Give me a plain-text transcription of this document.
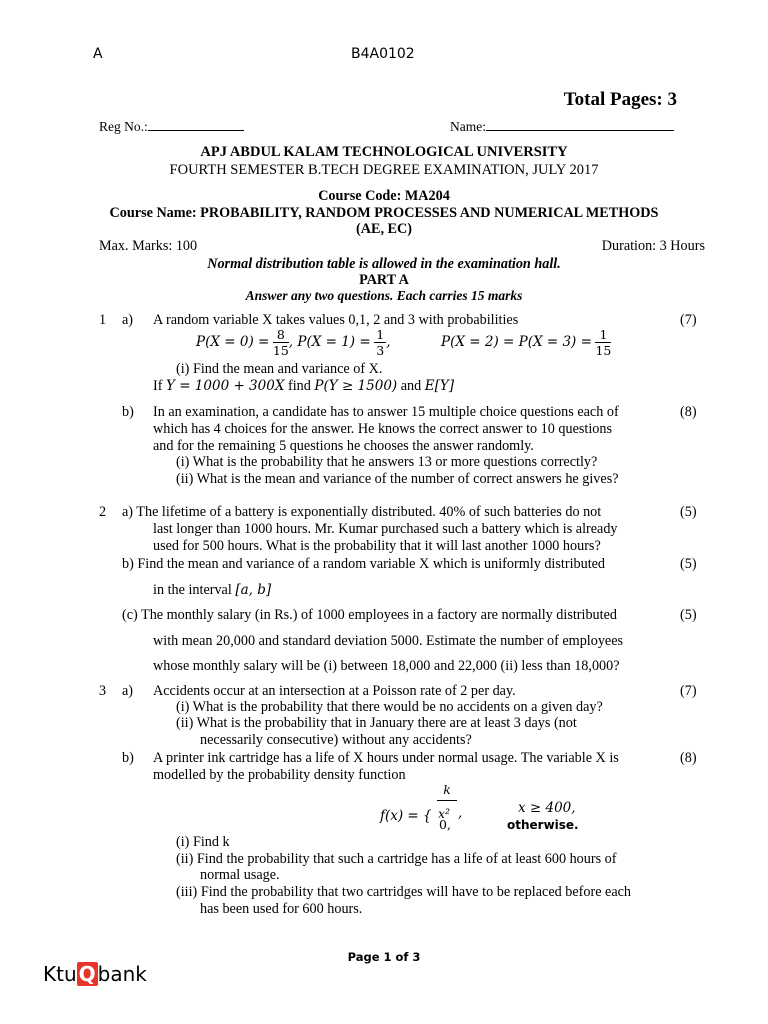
A	B4A0102
Total Pages: 3
Reg No.:	Name:
APJ ABDUL KALAM TECHNOLOGICAL UNIVERSITY
FOURTH SEMESTER B.TECH DEGREE EXAMINATION, JULY 2017
Course Code: MA204
Course Name: PROBABILITY, RANDOM PROCESSES AND NUMERICAL METHODS
(AE, EC)
Max. Marks: 100	Duration: 3 Hours
Normal distribution table is allowed in the examination hall.
PART A
Answer any two questions. Each carries 15 marks
1 a) A random variable X takes values 0,1, 2 and 3 with probabilities	(7)
$P(X = 0) = \frac{8}{15}$ , $P(X = 1) = \frac{1}{3}$ ,	$P(X = 2) = P(X = 3) = \frac{1}{15}$
(i) Find the mean and variance of X.
If Y = 1000 + 300X find P(Y ≥ 1500) and E[Y]
b)	(8)
In an examination, a candidate has to answer 15 multiple choice questions each of
which has 4 choices for the answer. He knows the correct answer to 10 questions
and for the remaining 5 questions he chooses the answer randomly.
(i) What is the probability that he answers 13 or more questions correctly?
(ii) What is the mean and variance of the number of correct answers he gives?
2	(5)
a) The lifetime of a battery is exponentially distributed. 40% of such batteries do not
last longer than 1000 hours. Mr. Kumar purchased such a battery which is already
used for 500 hours. What is the probability that it will last another 1000 hours?
b) Find the mean and variance of a random variable X which is uniformly distributed	(5)
in the interval [a, b]
(c) The monthly salary (in Rs.) of 1000 employees in a factory are normally distributed	(5)
with mean 20,000 and standard deviation 5000. Estimate the number of employees
whose monthly salary will be (i) between 18,000 and 22,000 (ii) less than 18,000?
3 a) Accidents occur at an intersection at a Poisson rate of 2 per day.	(7)
(i) What is the probability that there would be no accidents on a given day?
(ii) What is the probability that in January there are at least 3 days (not
necessarily consecutive) without any accidents?
b)	(8)
A printer ink cartridge has a life of X hours under normal usage. The variable X is
modelled by the probability density function
f(x) = {
k
x² ,	x ≥ 400,
0,	otherwise.
(i) Find k
(ii) Find the probability that such a cartridge has a life of at least 600 hours of
normal usage.
(iii) Find the probability that two cartridges will have to be replaced before each
has been used for 600 hours.
Page 1 of 3
Ktu Q bank
